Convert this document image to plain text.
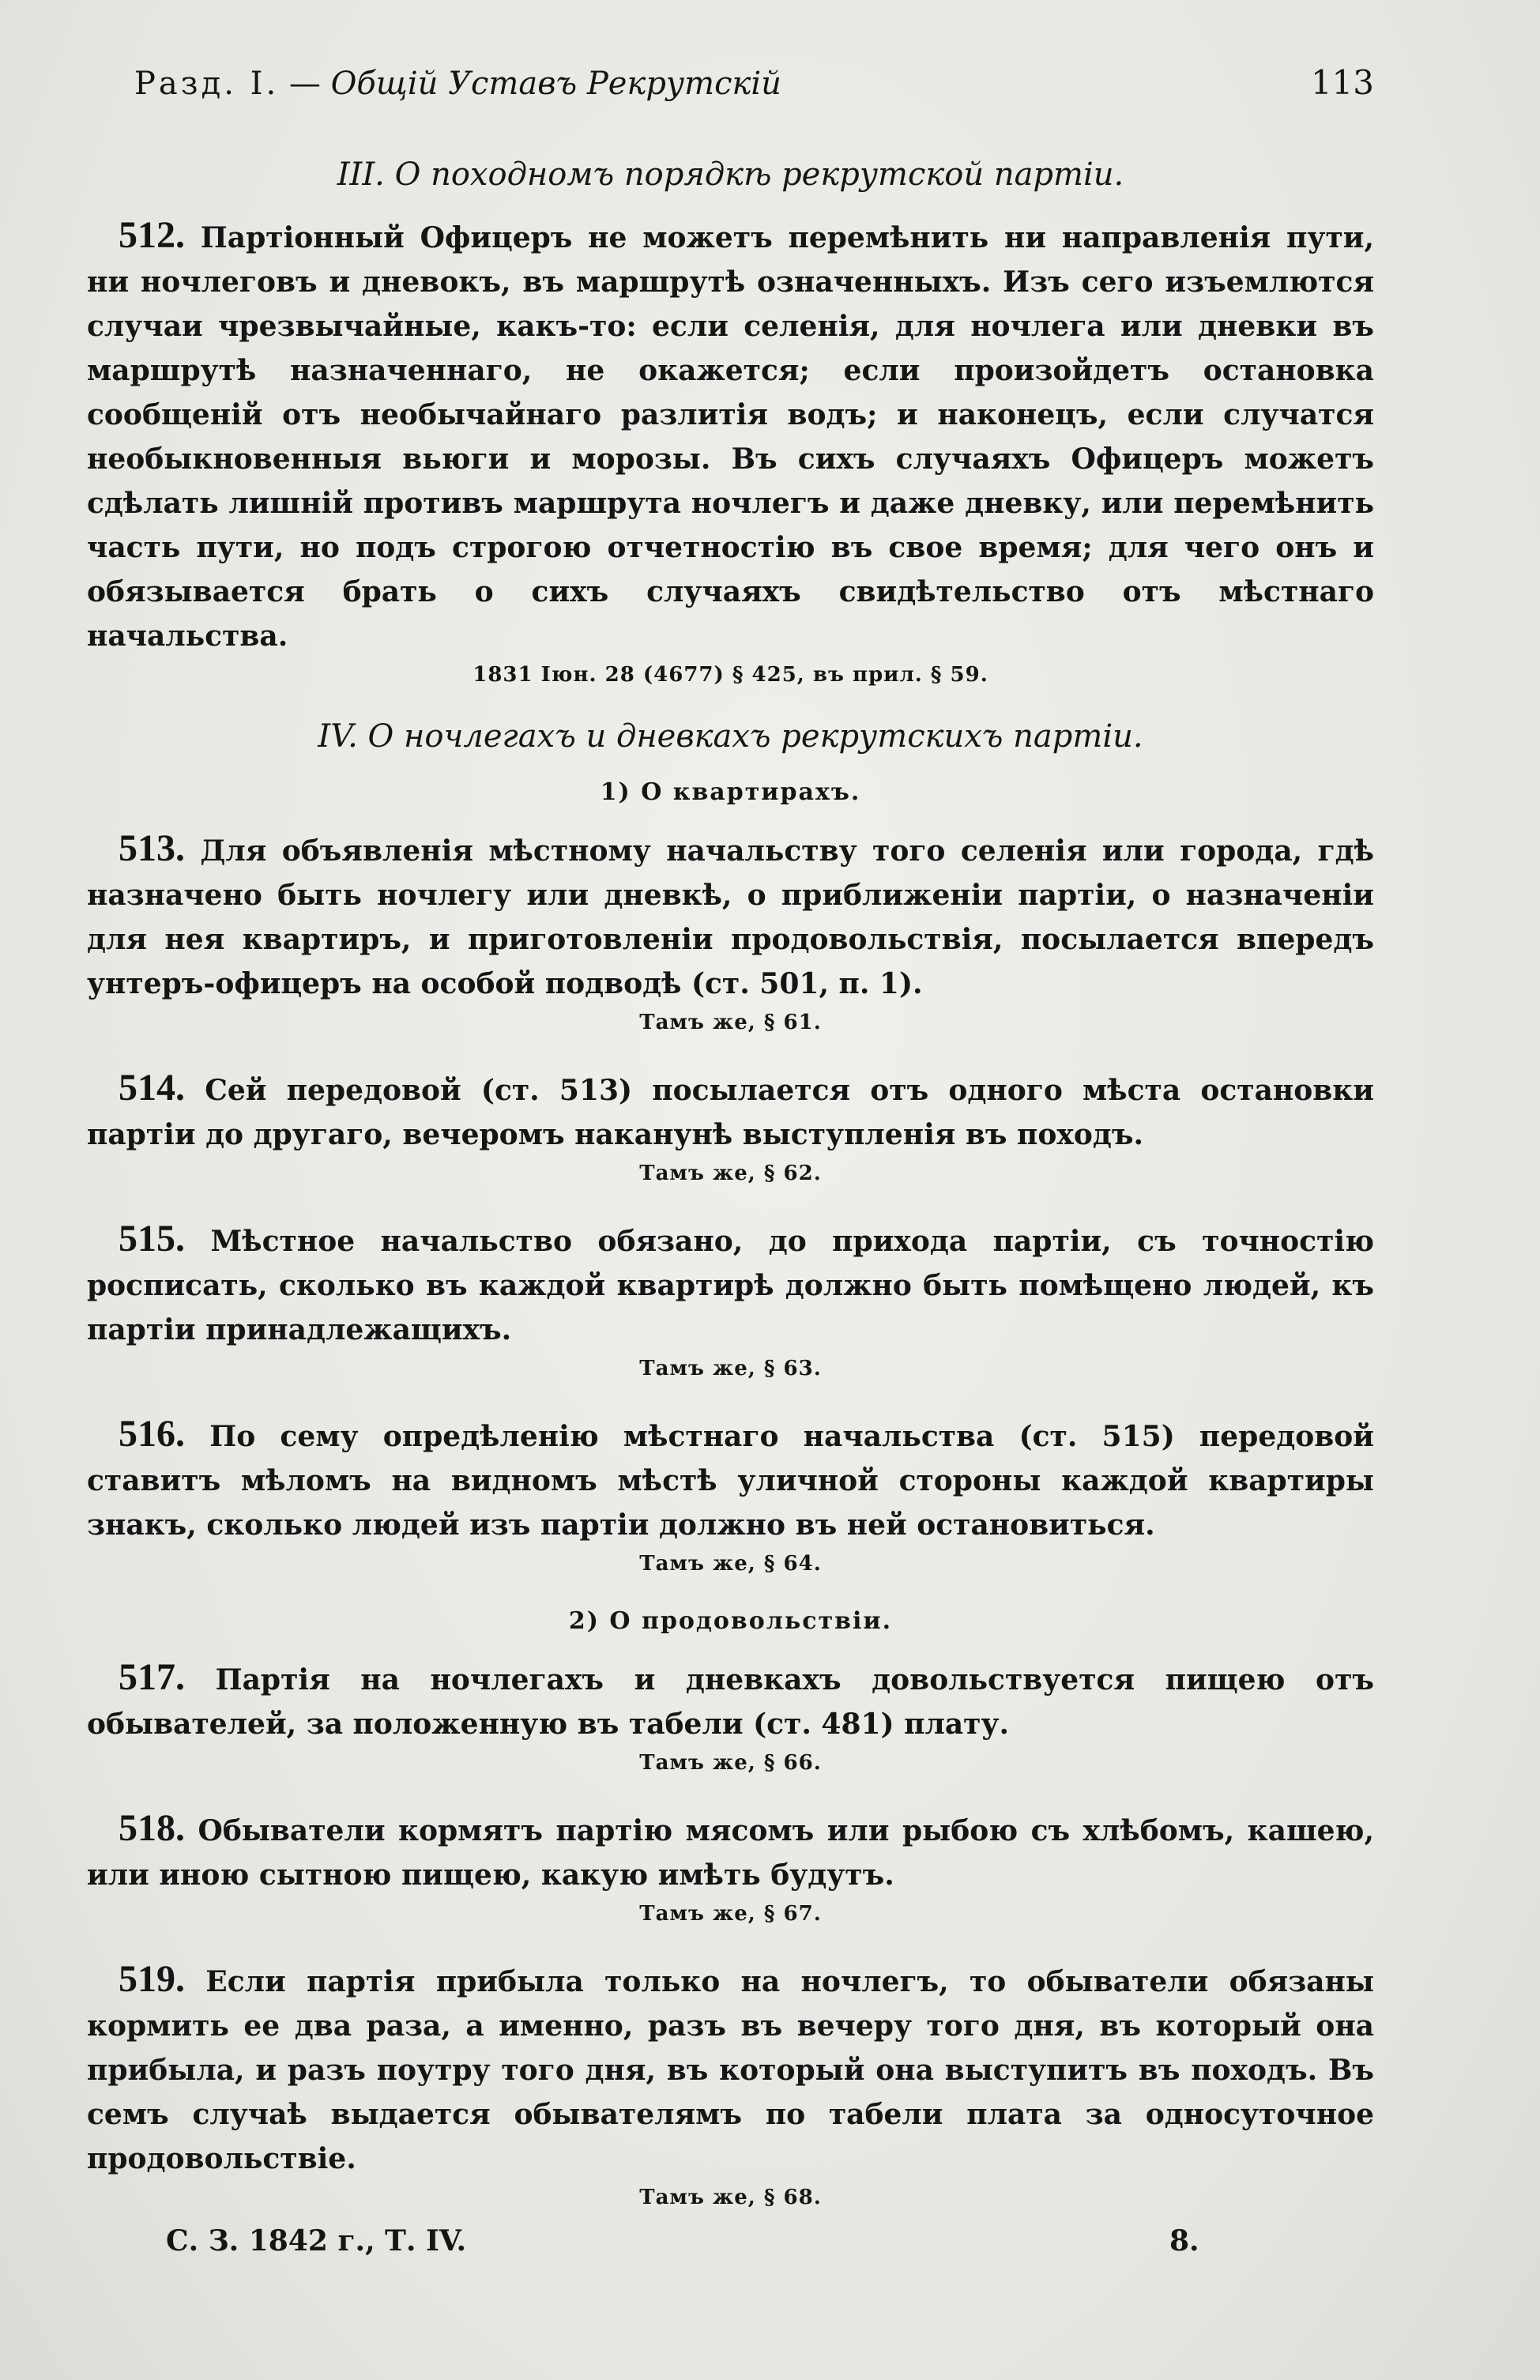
Разд. I. — Общій Уставъ Рекрутскій	113
III. О походномъ порядкѣ рекрутской партіи.

512. Партіонный Офицеръ не можетъ перемѣнить ни направленія пути, ни ночлеговъ и дневокъ, въ маршрутѣ означенныхъ. Изъ сего изъемлются случаи чрезвычайные, какъ-то: если селенія, для ночлега или дневки въ маршрутѣ назначеннаго, не окажется; если произойдетъ остановка сообщеній отъ необычайнаго разлитія водъ; и наконецъ, если случатся необыкновенныя вьюги и морозы. Въ сихъ случаяхъ Офицеръ можетъ сдѣлать лишній противъ маршрута ночлегъ и даже дневку, или перемѣнить часть пути, но подъ строгою отчетностію въ свое время; для чего онъ и обязывается брать о сихъ случаяхъ свидѣтельство отъ мѣстнаго начальства.

1831 Іюн. 28 (4677) § 425, въ прил. § 59.
IV. О ночлегахъ и дневкахъ рекрутскихъ партіи.
1) О квартирахъ.

513. Для объявленія мѣстному начальству того селенія или города, гдѣ назначено быть ночлегу или дневкѣ, о приближеніи партіи, о назначеніи для нея квартиръ, и приготовленіи продовольствія, посылается впередъ унтеръ-офицеръ на особой подводѣ (ст. 501, п. 1).

Тамъ же, § 61.

514. Сей передовой (ст. 513) посылается отъ одного мѣста остановки партіи до другаго, вечеромъ наканунѣ выступленія въ походъ.

Тамъ же, § 62.

515. Мѣстное начальство обязано, до прихода партіи, съ точностію росписать, сколько въ каждой квартирѣ должно быть помѣщено людей, къ партіи принадлежащихъ.

Тамъ же, § 63.

516. По сему опредѣленію мѣстнаго начальства (ст. 515) передовой ставитъ мѣломъ на видномъ мѣстѣ уличной стороны каждой квартиры знакъ, сколько людей изъ партіи должно въ ней остановиться.

Тамъ же, § 64.
2) О продовольствіи.

517. Партія на ночлегахъ и дневкахъ довольствуется пищею отъ обывателей, за положенную въ табели (ст. 481) плату.

Тамъ же, § 66.

518. Обыватели кормятъ партію мясомъ или рыбою съ хлѣбомъ, кашею, или иною сытною пищею, какую имѣть будутъ.

Тамъ же, § 67.

519. Если партія прибыла только на ночлегъ, то обыватели обязаны кормить ее два раза, а именно, разъ въ вечеру того дня, въ который она прибыла, и разъ поутру того дня, въ который она выступитъ въ походъ. Въ семъ случаѣ выдается обывателямъ по табели плата за односуточное продовольствіе.

Тамъ же, § 68.
С. З. 1842 г., Т. IV.	8.
